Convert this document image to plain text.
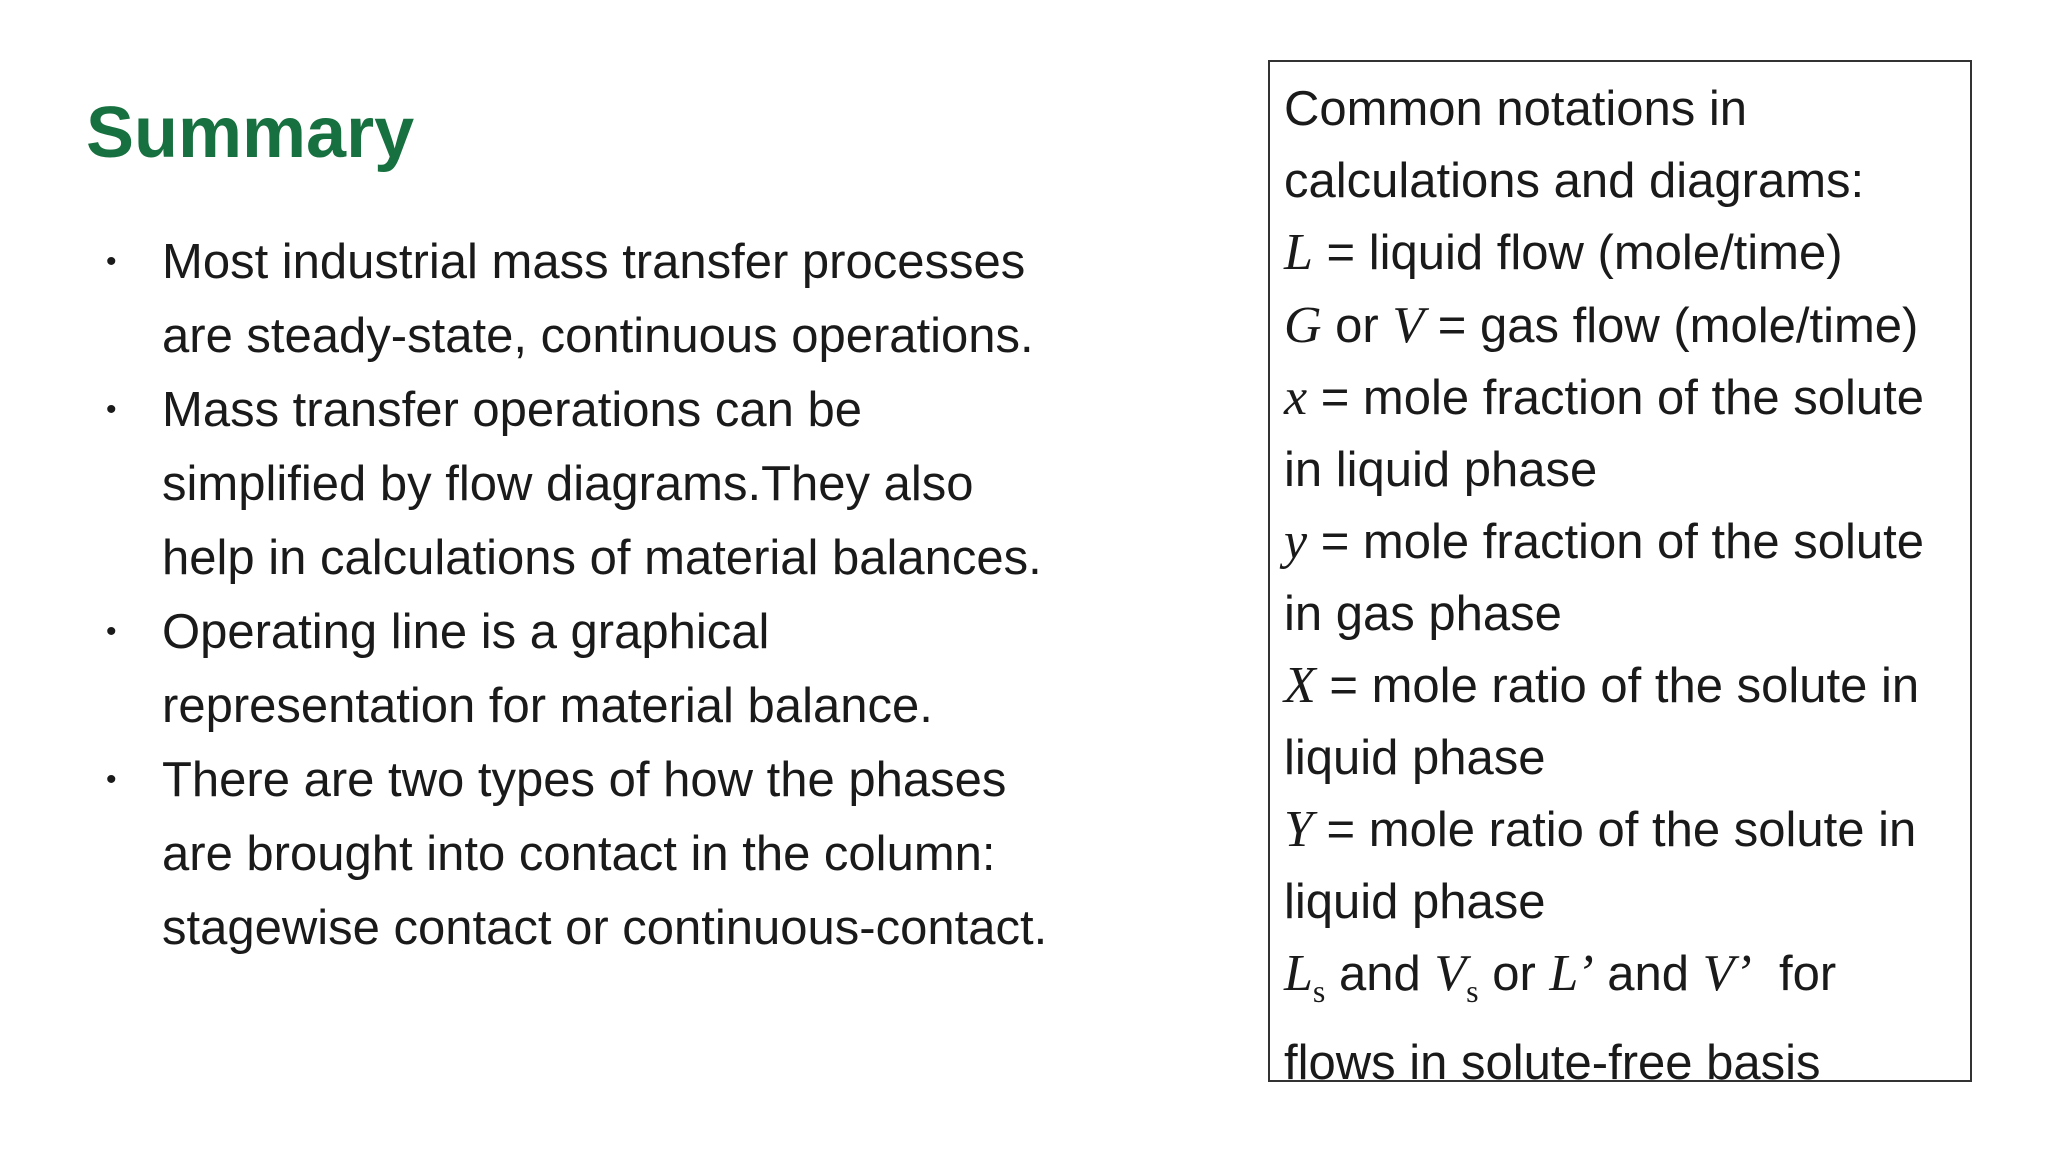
Summary
• Most industrial mass transfer processes
are steady-state, continuous operations.
• Mass transfer operations can be
simplified by flow diagrams.They also
help in calculations of material balances.
• Operating line is a graphical
representation for material balance.
• There are two types of how the phases
are brought into contact in the column:
stagewise contact or continuous-contact.
Common notations in
calculations and diagrams:
L = liquid flow (mole/time)
G or V = gas flow (mole/time)
x = mole fraction of the solute
in liquid phase
y = mole fraction of the solute
in gas phase
X = mole ratio of the solute in
liquid phase
Y = mole ratio of the solute in
liquid phase
$L_s$ and $V_s$ or L’ and V’  for
flows in solute-free basis
